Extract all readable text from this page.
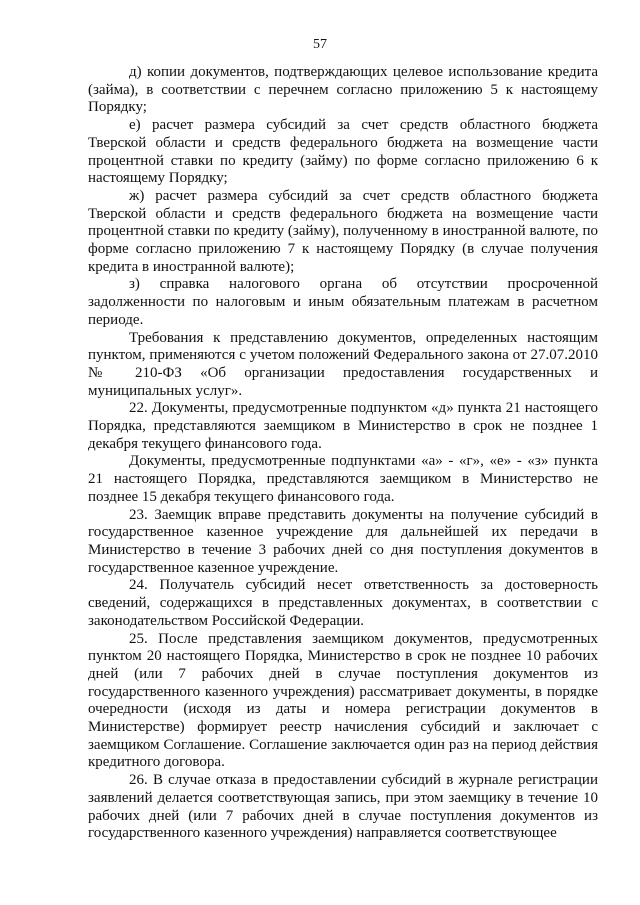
57

д) копии документов, подтверждающих целевое использование кредита (займа), в соответствии с перечнем согласно приложению 5 к настоящему Порядку;

е) расчет размера субсидий за счет средств областного бюджета Тверской области и средств федерального бюджета на возмещение части процентной ставки по кредиту (займу) по форме согласно приложению 6 к настоящему Порядку;

ж) расчет размера субсидий за счет средств областного бюджета Тверской области и средств федерального бюджета на возмещение части процентной ставки по кредиту (займу), полученному в иностранной валюте, по форме согласно приложению 7 к настоящему Порядку (в случае получения кредита в иностранной валюте);

з) справка налогового органа об отсутствии просроченной задолженности по налоговым и иным обязательным платежам в расчетном периоде.

Требования к представлению документов, определенных настоящим пунктом, применяются с учетом положений Федерального закона от 27.07.2010 № 210-ФЗ «Об организации предоставления государственных и муниципальных услуг».

22. Документы, предусмотренные подпунктом «д» пункта 21 настоящего Порядка, представляются заемщиком в Министерство в срок не позднее 1 декабря текущего финансового года.

Документы, предусмотренные подпунктами «а» - «г», «е» - «з» пункта 21 настоящего Порядка, представляются заемщиком в Министерство не позднее 15 декабря текущего финансового года.

23. Заемщик вправе представить документы на получение субсидий в государственное казенное учреждение для дальнейшей их передачи в Министерство в течение 3 рабочих дней со дня поступления документов в государственное казенное учреждение.

24. Получатель субсидий несет ответственность за достоверность сведений, содержащихся в представленных документах, в соответствии с законодательством Российской Федерации.

25. После представления заемщиком документов, предусмотренных пунктом 20 настоящего Порядка, Министерство в срок не позднее 10 рабочих дней (или 7 рабочих дней в случае поступления документов из государственного казенного учреждения) рассматривает документы, в порядке очередности (исходя из даты и номера регистрации документов в Министерстве) формирует реестр начисления субсидий и заключает с заемщиком Соглашение. Соглашение заключается один раз на период действия кредитного договора.

26. В случае отказа в предоставлении субсидий в журнале регистрации заявлений делается соответствующая запись, при этом заемщику в течение 10 рабочих дней (или 7 рабочих дней в случае поступления документов из государственного казенного учреждения) направляется соответствующее
